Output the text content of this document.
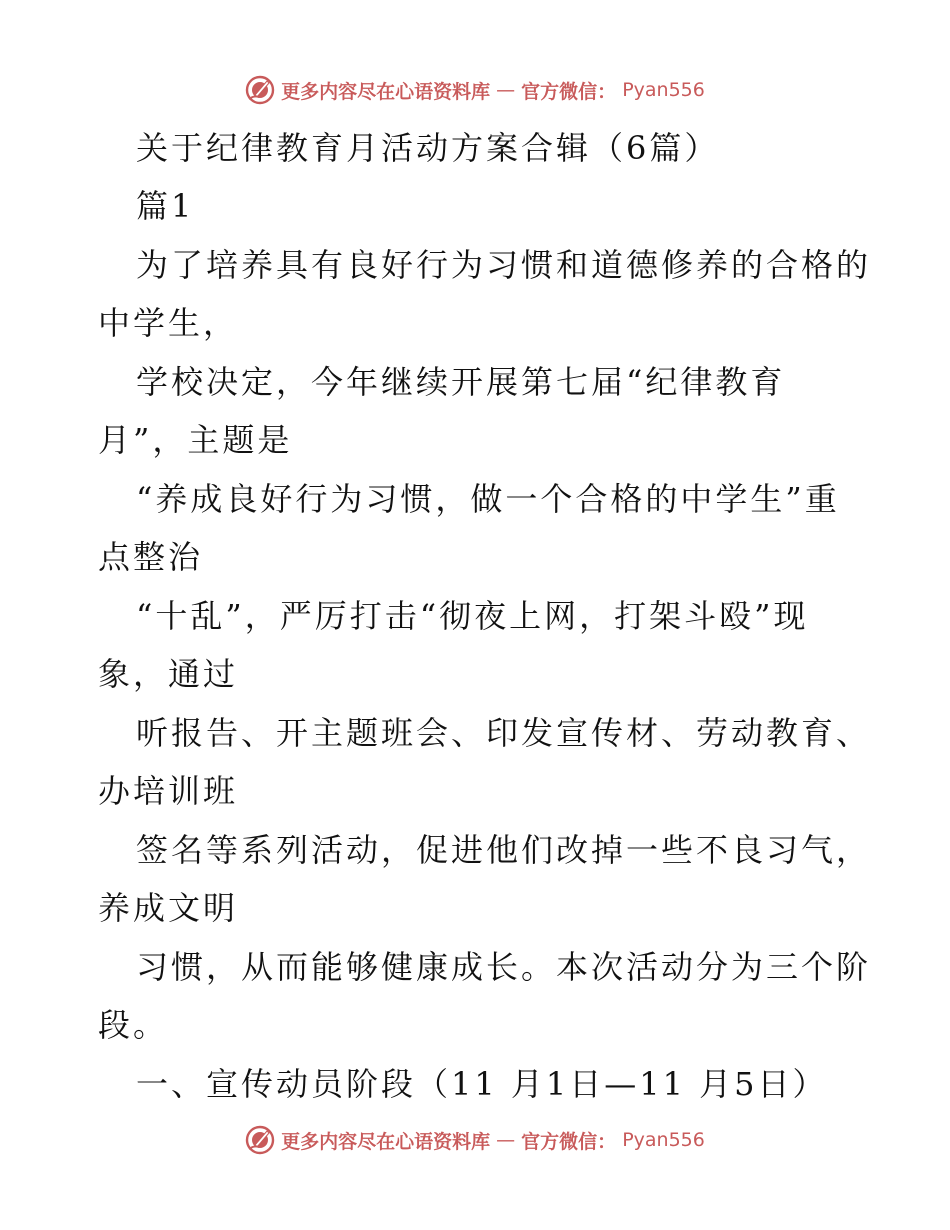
更多内容尽在心语资料库 — 官方微信： Pyan556
关于纪律教育月活动方案合辑（6篇）
篇1
为了培养具有良好行为习惯和道德修养的合格的
中学生，
学校决定，今年继续开展第七届“纪律教育
月”，主题是
“养成良好行为习惯，做一个合格的中学生”重
点整治
“十乱”，严厉打击“彻夜上网，打架斗殴”现
象，通过
听报告、开主题班会、印发宣传材、劳动教育、
办培训班
签名等系列活动，促进他们改掉一些不良习气，
养成文明
习惯，从而能够健康成长。本次活动分为三个阶
段。
一、宣传动员阶段（11 月1日—11 月5日）
更多内容尽在心语资料库 — 官方微信： Pyan556
